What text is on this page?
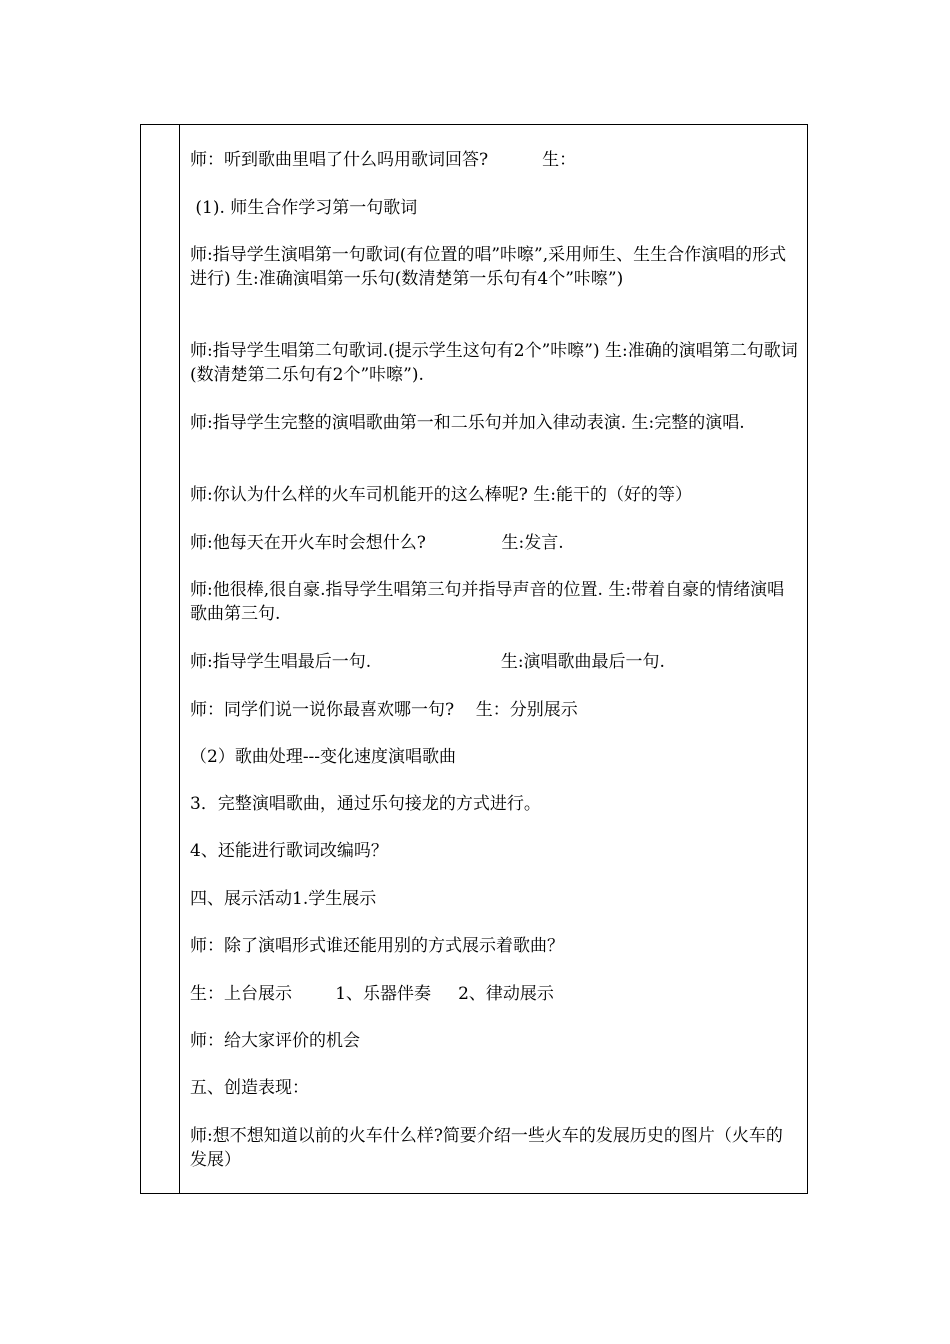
师：听到歌曲里唱了什么吗用歌词回答?          生：
(1). 师生合作学习第一句歌词
师:指导学生演唱第一句歌词(有位置的唱”咔嚓”,采用师生、生生合作演唱的形式进行) 生:准确演唱第一乐句(数清楚第一乐句有4个”咔嚓”)
师:指导学生唱第二句歌词.(提示学生这句有2个”咔嚓”) 生:准确的演唱第二句歌词(数清楚第二乐句有2个”咔嚓”).
师:指导学生完整的演唱歌曲第一和二乐句并加入律动表演. 生:完整的演唱.
师:你认为什么样的火车司机能开的这么棒呢? 生:能干的（好的等）
师:他每天在开火车时会想什么?              生:发言.
师:他很棒,很自豪.指导学生唱第三句并指导声音的位置. 生:带着自豪的情绪演唱歌曲第三句.
师:指导学生唱最后一句.                        生:演唱歌曲最后一句.
师：同学们说一说你最喜欢哪一句?    生：分别展示
（2）歌曲处理---变化速度演唱歌曲
3．完整演唱歌曲，通过乐句接龙的方式进行。
4、还能进行歌词改编吗？
四、展示活动1.学生展示
师：除了演唱形式谁还能用别的方式展示着歌曲？
生：上台展示        1、乐器伴奏     2、律动展示
师：给大家评价的机会
五、创造表现：
师:想不想知道以前的火车什么样?简要介绍一些火车的发展历史的图片（火车的发展）
